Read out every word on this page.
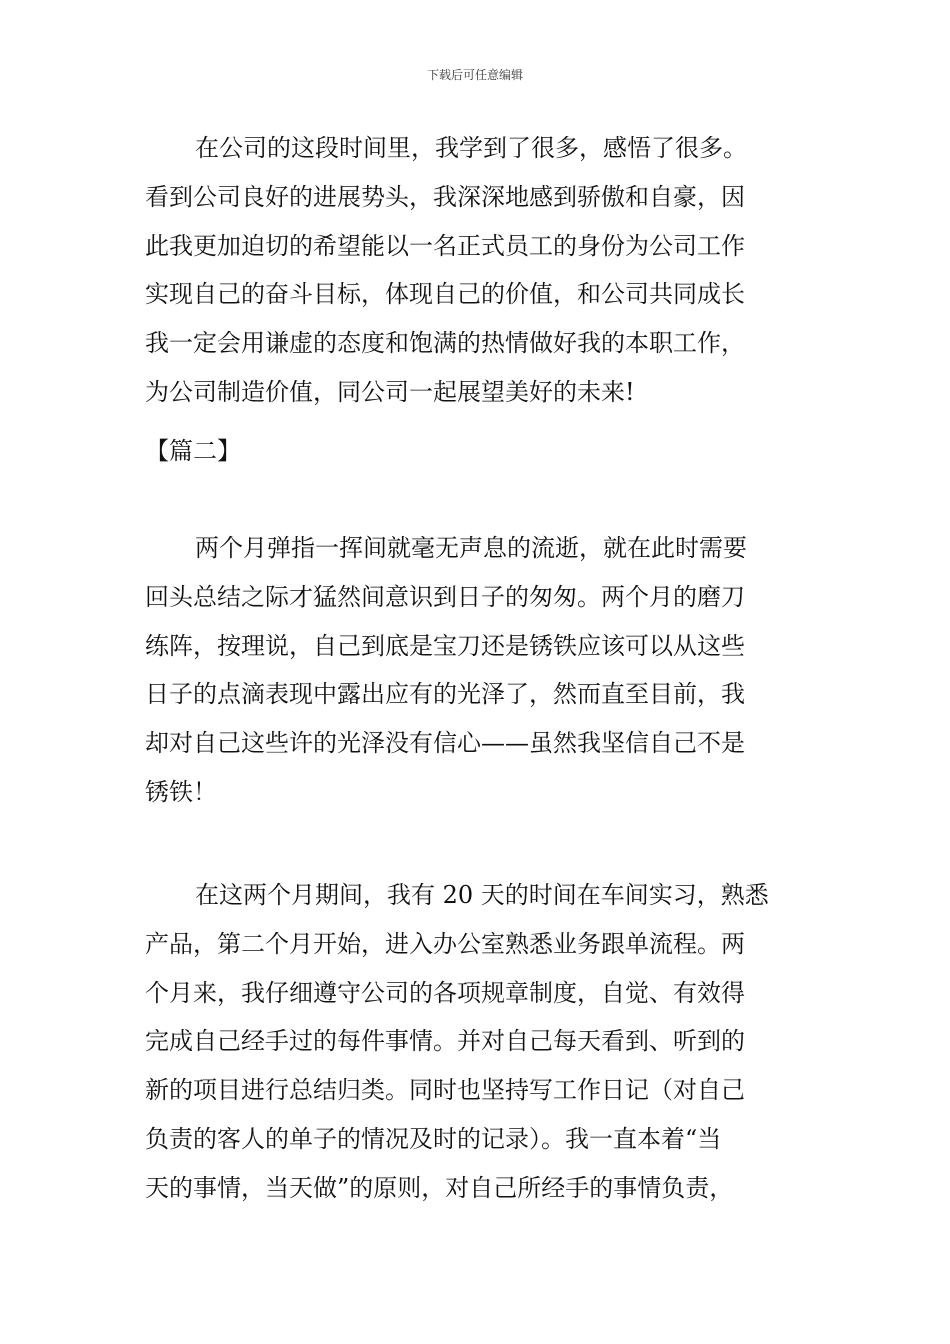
下载后可任意编辑
在公司的这段时间里，我学到了很多，感悟了很多。
看到公司良好的进展势头，我深深地感到骄傲和自豪，因
此我更加迫切的希望能以一名正式员工的身份为公司工作
实现自己的奋斗目标，体现自己的价值，和公司共同成长
我一定会用谦虚的态度和饱满的热情做好我的本职工作，
为公司制造价值，同公司一起展望美好的未来!
【篇二】
两个月弹指一挥间就毫无声息的流逝，就在此时需要
回头总结之际才猛然间意识到日子的匆匆。两个月的磨刀
练阵，按理说，自己到底是宝刀还是锈铁应该可以从这些
日子的点滴表现中露出应有的光泽了，然而直至目前，我
却对自己这些许的光泽没有信心——虽然我坚信自己不是
锈铁！
在这两个月期间，我有 20 天的时间在车间实习，熟悉
产品，第二个月开始，进入办公室熟悉业务跟单流程。两
个月来，我仔细遵守公司的各项规章制度，自觉、有效得
完成自己经手过的每件事情。并对自己每天看到、听到的
新的项目进行总结归类。同时也坚持写工作日记（对自己
负责的客人的单子的情况及时的记录）。我一直本着“当
天的事情，当天做”的原则，对自己所经手的事情负责，
